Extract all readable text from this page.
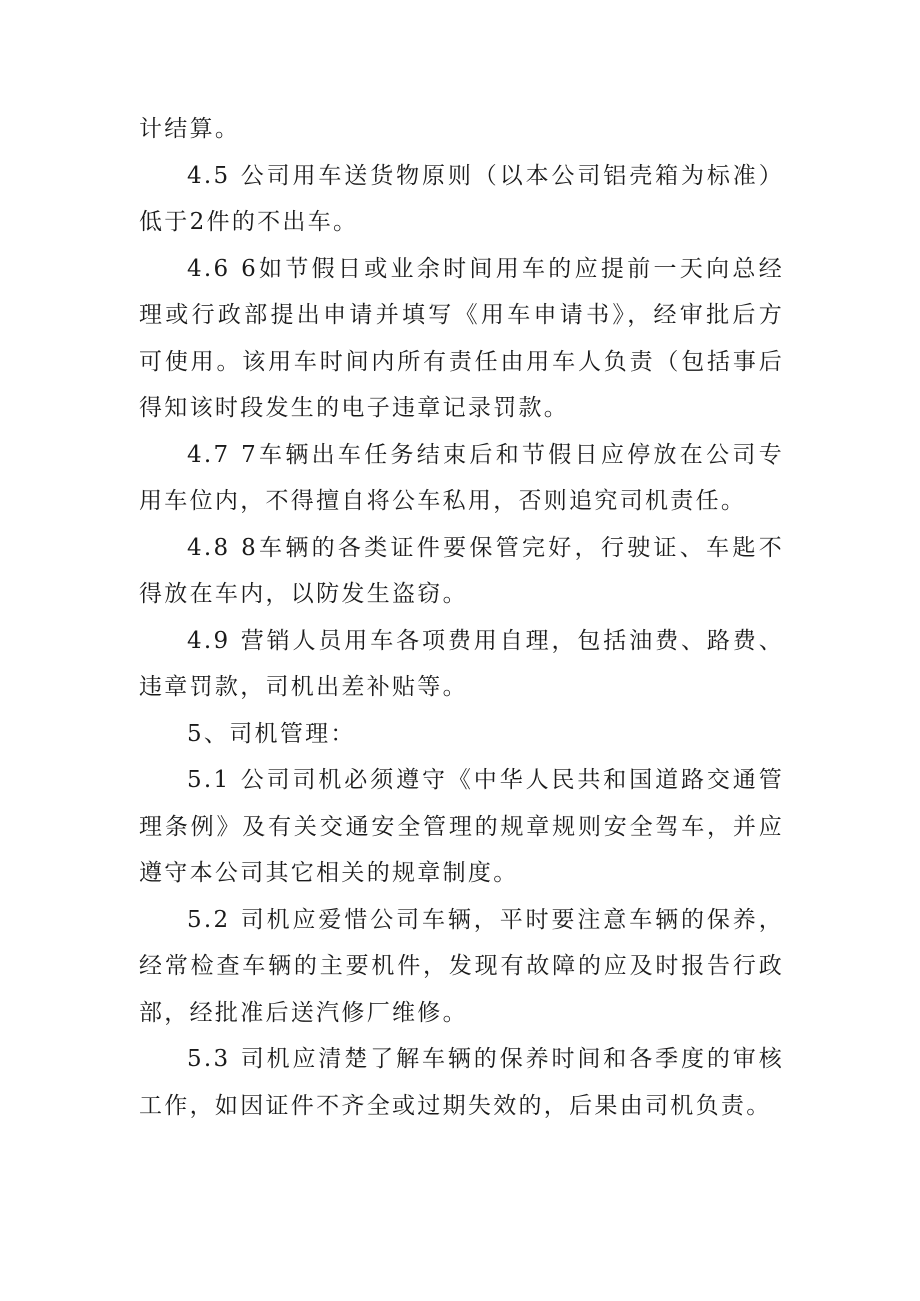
计结算。

4.5 公司用车送货物原则（以本公司铝壳箱为标准）低于2件的不出车。

4.6 6如节假日或业余时间用车的应提前一天向总经理或行政部提出申请并填写《用车申请书》，经审批后方可使用。该用车时间内所有责任由用车人负责（包括事后得知该时段发生的电子违章记录罚款。

4.7 7车辆出车任务结束后和节假日应停放在公司专用车位内，不得擅自将公车私用，否则追究司机责任。

4.8 8车辆的各类证件要保管完好，行驶证、车匙不得放在车内，以防发生盗窃。

4.9 营销人员用车各项费用自理，包括油费、路费、违章罚款，司机出差补贴等。

5、司机管理：

5.1 公司司机必须遵守《中华人民共和国道路交通管理条例》及有关交通安全管理的规章规则安全驾车，并应遵守本公司其它相关的规章制度。

5.2 司机应爱惜公司车辆，平时要注意车辆的保养，经常检查车辆的主要机件，发现有故障的应及时报告行政部，经批准后送汽修厂维修。

5.3 司机应清楚了解车辆的保养时间和各季度的审核工作，如因证件不齐全或过期失效的，后果由司机负责。
